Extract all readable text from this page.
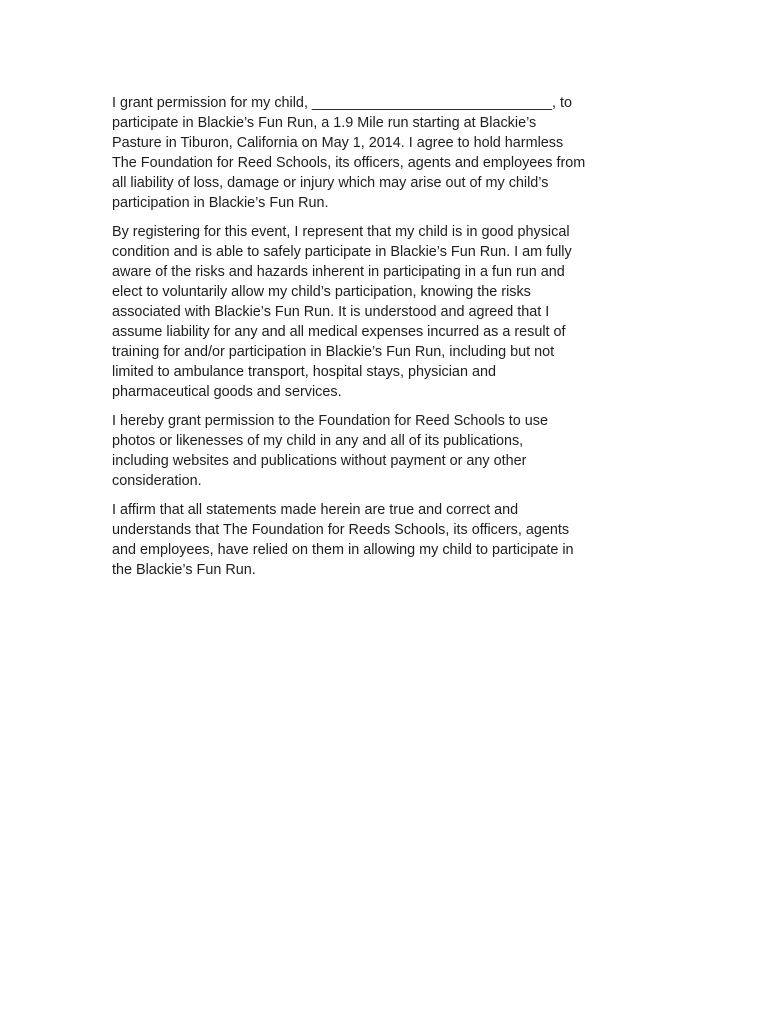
I grant permission for my child, ______________________________, to
participate in Blackie’s Fun Run, a 1.9 Mile run starting at Blackie’s
Pasture in Tiburon, California on May 1, 2014. I agree to hold harmless
The Foundation for Reed Schools, its officers, agents and employees from
all liability of loss, damage or injury which may arise out of my child’s
participation in Blackie’s Fun Run.

By registering for this event, I represent that my child is in good physical
condition and is able to safely participate in Blackie’s Fun Run. I am fully
aware of the risks and hazards inherent in participating in a fun run and
elect to voluntarily allow my child’s participation, knowing the risks
associated with Blackie’s Fun Run. It is understood and agreed that I
assume liability for any and all medical expenses incurred as a result of
training for and/or participation in Blackie’s Fun Run, including but not
limited to ambulance transport, hospital stays, physician and
pharmaceutical goods and services.

I hereby grant permission to the Foundation for Reed Schools to use
photos or likenesses of my child in any and all of its publications,
including websites and publications without payment or any other
consideration.

I affirm that all statements made herein are true and correct and
understands that The Foundation for Reeds Schools, its officers, agents
and employees, have relied on them in allowing my child to participate in
the Blackie’s Fun Run.
